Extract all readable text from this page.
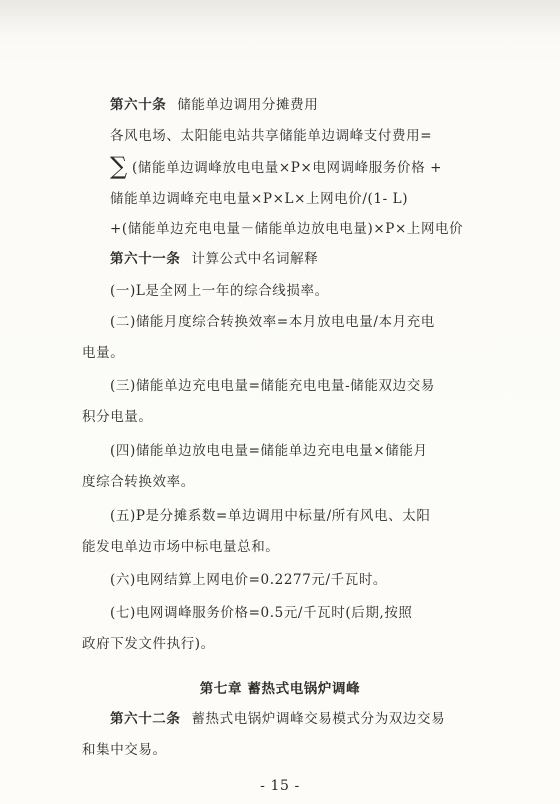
第六十条 储能单边调用分摊费用
各风电场、太阳能电站共享储能单边调峰支付费用=
∑ (储能单边调峰放电电量×P×电网调峰服务价格 +
储能单边调峰充电电量×P×L×上网电价/(1- L)
+(储能单边充电电量－储能单边放电电量)×P×上网电价
第六十一条 计算公式中名词解释
(一)L是全网上一年的综合线损率。
(二)储能月度综合转换效率=本月放电电量/本月充电
电量。
(三)储能单边充电电量=储能充电电量-储能双边交易
积分电量。
(四)储能单边放电电量=储能单边充电电量×储能月
度综合转换效率。
(五)P是分摊系数=单边调用中标量/所有风电、太阳
能发电单边市场中标电量总和。
(六)电网结算上网电价=0.2277元/千瓦时。
(七)电网调峰服务价格=0.5元/千瓦时(后期,按照
政府下发文件执行)。
第七章 蓄热式电锅炉调峰
第六十二条 蓄热式电锅炉调峰交易模式分为双边交易
和集中交易。
- 15 -
